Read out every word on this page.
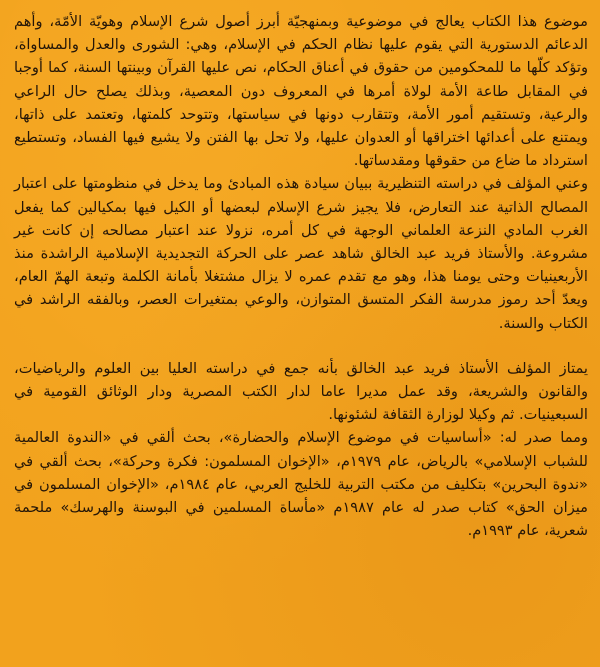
موضوع هذا الكتاب يعالج في موضوعية وبمنهجيّة أبرز أصول شرع الإسلام وهويّة الأمّة، وأهم الدعائم الدستورية التي يقوم عليها نظام الحكم في الإسلام، وهي: الشورى والعدل والمساواة، وتؤكد كلّها ما للمحكومين من حقوق في أعناق الحكام، نص عليها القرآن وبينتها السنة، كما أوجبا في المقابل طاعة الأمة لولاة أمرها في المعروف دون المعصية، وبذلك يصلح حال الراعي والرعية، وتستقيم أمور الأمة، وتتقارب دونها في سياستها، وتتوحد كلمتها، وتعتمد على ذاتها، ويمتنع على أعدائها اختراقها أو العدوان عليها، ولا تحل بها الفتن ولا يشيع فيها الفساد، وتستطيع استرداد ما ضاع من حقوقها ومقدساتها.

وعني المؤلف في دراسته التنظيرية ببيان سيادة هذه المبادئ وما يدخل في منظومتها على اعتبار المصالح الذاتية عند التعارض، فلا يجيز شرع الإسلام لبعضها أو الكيل فيها بمكيالين كما يفعل الغرب المادي النزعة العلماني الوجهة في كل أمره، نزولا عند اعتبار مصالحه إن كانت غير مشروعة. والأستاذ فريد عبد الخالق شاهد عصر على الحركة التجديدية الإسلامية الراشدة منذ الأربعينيات وحتى يومنا هذا، وهو مع تقدم عمره لا يزال مشتغلا بأمانة الكلمة وتبعة الهمّ العام، ويعدّ أحد رموز مدرسة الفكر المتسق المتوازن، والوعي بمتغيرات العصر، وبالفقه الراشد في الكتاب والسنة.

يمتاز المؤلف الأستاذ فريد عبد الخالق بأنه جمع في دراسته العليا بين العلوم والرياضيات، والقانون والشريعة، وقد عمل مديرا عاما لدار الكتب المصرية ودار الوثائق القومية في السبعينيات. ثم وكيلا لوزارة الثقافة لشئونها.

ومما صدر له: «أساسيات في موضوع الإسلام والحضارة»، بحث ألقي في «الندوة العالمية للشباب الإسلامي» بالرياض، عام ١٩٧٩م، «الإخوان المسلمون: فكرة وحركة»، بحث ألقي في «ندوة البحرين» بتكليف من مكتب التربية للخليج العربي، عام ١٩٨٤م، «الإخوان المسلمون في ميزان الحق» كتاب صدر له عام ١٩٨٧م «مأساة المسلمين في البوسنة والهرسك» ملحمة شعرية، عام ١٩٩٣م.
